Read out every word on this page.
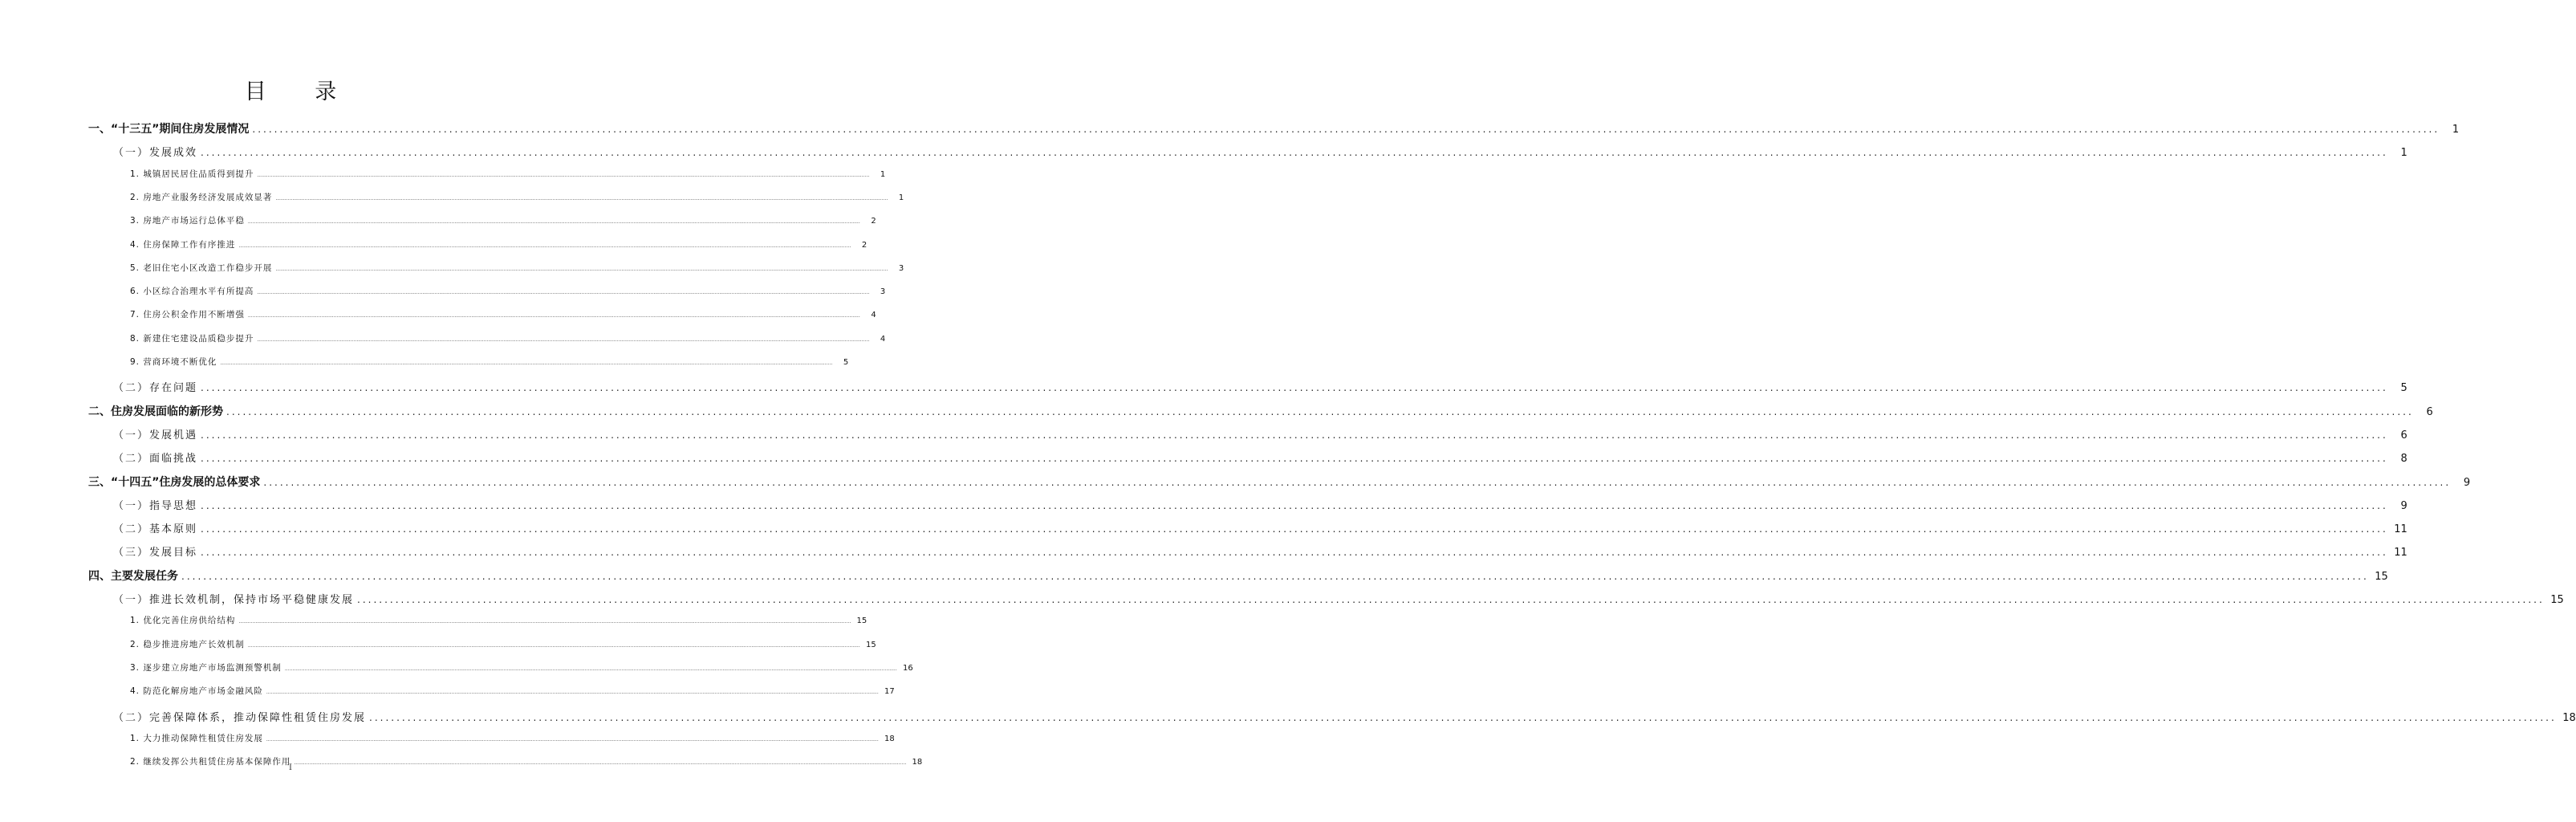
目 录
一、“十三五”期间住房发展情况 ................................................................................................................................................................................................................................................................................................................................................................................................................	1
（一）发展成效 ................................................................................................................................................................................................................................................................................................................................................................................................................	1
1. 城镇居民居住品质得到提升 ................................................................................................................................................................................................................................................................................................................................................................................................................	1
2. 房地产业服务经济发展成效显著 ................................................................................................................................................................................................................................................................................................................................................................................................................	1
3. 房地产市场运行总体平稳 ................................................................................................................................................................................................................................................................................................................................................................................................................	2
4. 住房保障工作有序推进 ................................................................................................................................................................................................................................................................................................................................................................................................................	2
5. 老旧住宅小区改造工作稳步开展 ................................................................................................................................................................................................................................................................................................................................................................................................................	3
6. 小区综合治理水平有所提高 ................................................................................................................................................................................................................................................................................................................................................................................................................	3
7. 住房公积金作用不断增强 ................................................................................................................................................................................................................................................................................................................................................................................................................	4
8. 新建住宅建设品质稳步提升 ................................................................................................................................................................................................................................................................................................................................................................................................................	4
9. 营商环境不断优化 ................................................................................................................................................................................................................................................................................................................................................................................................................	5
（二）存在问题 ................................................................................................................................................................................................................................................................................................................................................................................................................	5
二、住房发展面临的新形势 ................................................................................................................................................................................................................................................................................................................................................................................................................	6
（一）发展机遇 ................................................................................................................................................................................................................................................................................................................................................................................................................	6
（二）面临挑战 ................................................................................................................................................................................................................................................................................................................................................................................................................	8
三、“十四五”住房发展的总体要求 ................................................................................................................................................................................................................................................................................................................................................................................................................	9
（一）指导思想 ................................................................................................................................................................................................................................................................................................................................................................................................................	9
（二）基本原则 ................................................................................................................................................................................................................................................................................................................................................................................................................ 11
（三）发展目标 ................................................................................................................................................................................................................................................................................................................................................................................................................ 11
四、主要发展任务 ................................................................................................................................................................................................................................................................................................................................................................................................................ 15
（一）推进长效机制，保持市场平稳健康发展 ................................................................................................................................................................................................................................................................................................................................................................................................................ 15
1. 优化完善住房供给结构 ................................................................................................................................................................................................................................................................................................................................................................................................................ 15
2. 稳步推进房地产长效机制 ................................................................................................................................................................................................................................................................................................................................................................................................................ 15
3. 逐步建立房地产市场监测预警机制 ................................................................................................................................................................................................................................................................................................................................................................................................................ 16
4. 防范化解房地产市场金融风险 ................................................................................................................................................................................................................................................................................................................................................................................................................ 17
（二）完善保障体系，推动保障性租赁住房发展 ................................................................................................................................................................................................................................................................................................................................................................................................................ 18
1. 大力推动保障性租赁住房发展 ................................................................................................................................................................................................................................................................................................................................................................................................................ 18
2. 继续发挥公共租赁住房基本保障作用 ................................................................................................................................................................................................................................................................................................................................................................................................................ 18
I
